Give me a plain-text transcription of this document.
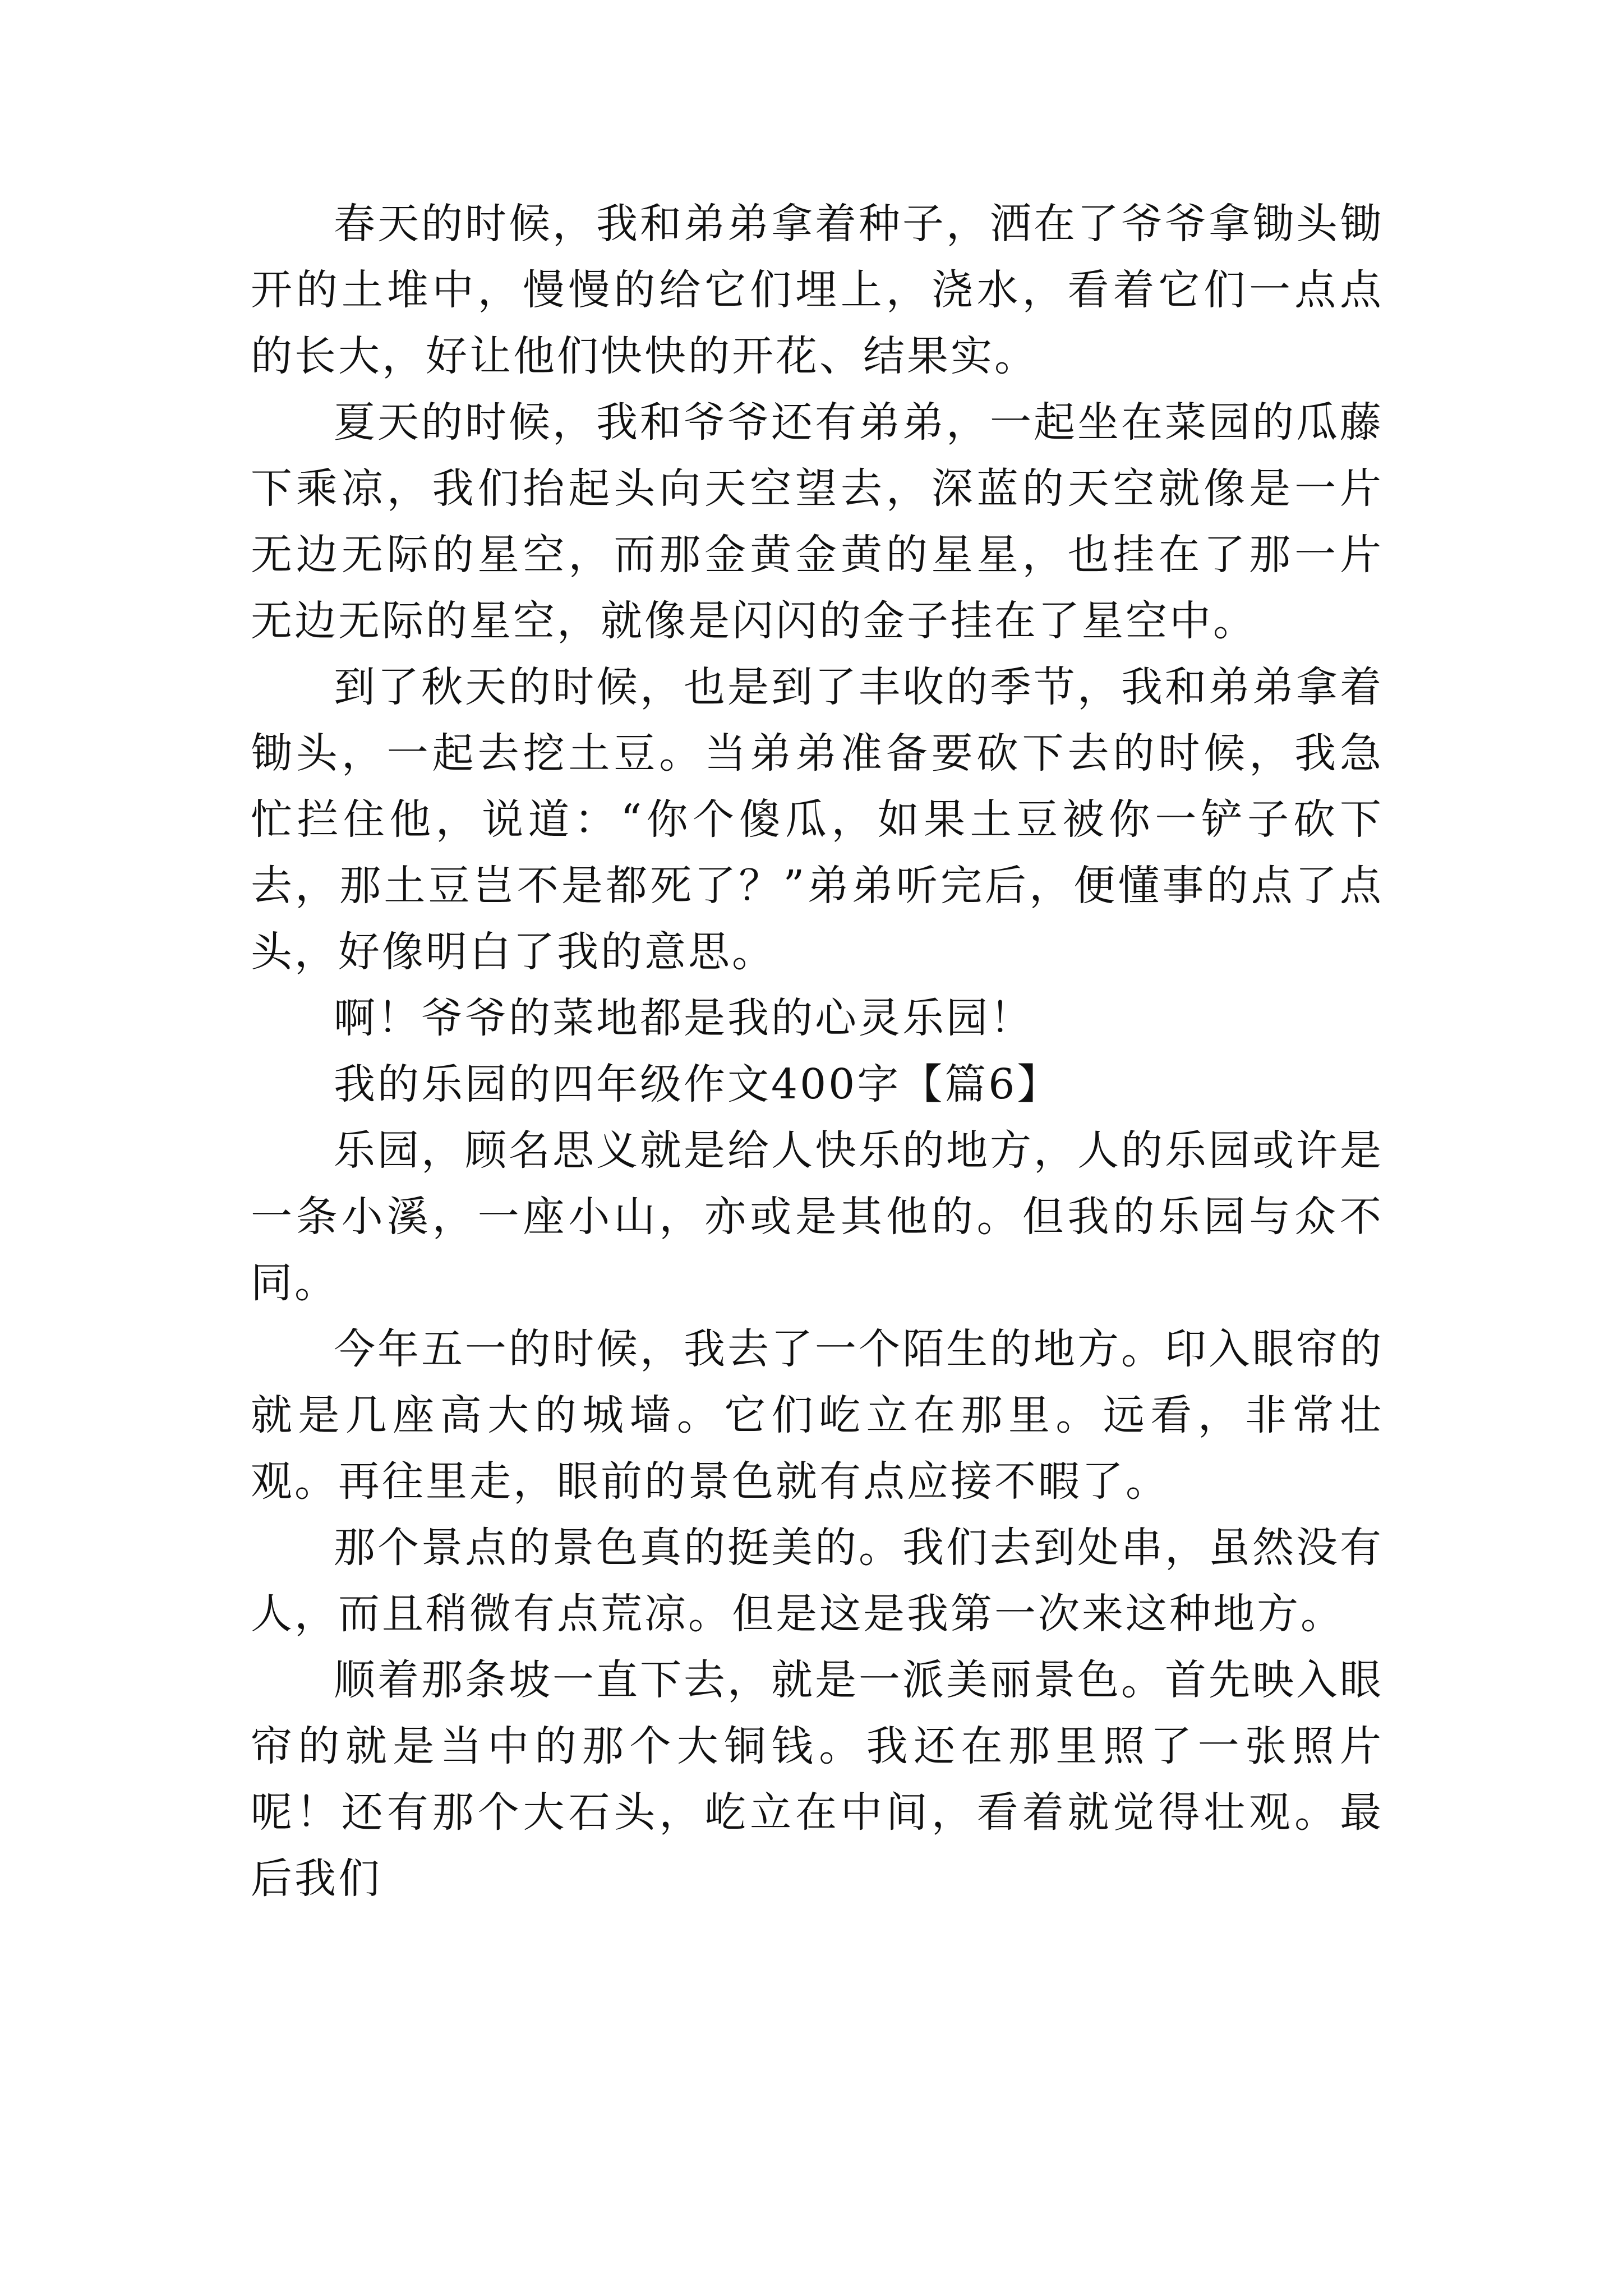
春天的时候，我和弟弟拿着种子，洒在了爷爷拿锄头锄开的土堆中，慢慢的给它们埋上，浇水，看着它们一点点的长大，好让他们快快的开花、结果实。

夏天的时候，我和爷爷还有弟弟，一起坐在菜园的瓜藤下乘凉，我们抬起头向天空望去，深蓝的天空就像是一片无边无际的星空，而那金黄金黄的星星，也挂在了那一片无边无际的星空，就像是闪闪的金子挂在了星空中。

到了秋天的时候，也是到了丰收的季节，我和弟弟拿着锄头，一起去挖土豆。当弟弟准备要砍下去的时候，我急忙拦住他，说道：“你个傻瓜，如果土豆被你一铲子砍下去，那土豆岂不是都死了？”弟弟听完后，便懂事的点了点头，好像明白了我的意思。

啊！爷爷的菜地都是我的心灵乐园！

我的乐园的四年级作文400字【篇6】

乐园，顾名思义就是给人快乐的地方，人的乐园或许是一条小溪，一座小山，亦或是其他的。但我的乐园与众不同。

今年五一的时候，我去了一个陌生的地方。印入眼帘的就是几座高大的城墙。它们屹立在那里。远看，非常壮观。再往里走，眼前的景色就有点应接不暇了。

那个景点的景色真的挺美的。我们去到处串，虽然没有人，而且稍微有点荒凉。但是这是我第一次来这种地方。

顺着那条坡一直下去，就是一派美丽景色。首先映入眼帘的就是当中的那个大铜钱。我还在那里照了一张照片呢！还有那个大石头，屹立在中间，看着就觉得壮观。最后我们
